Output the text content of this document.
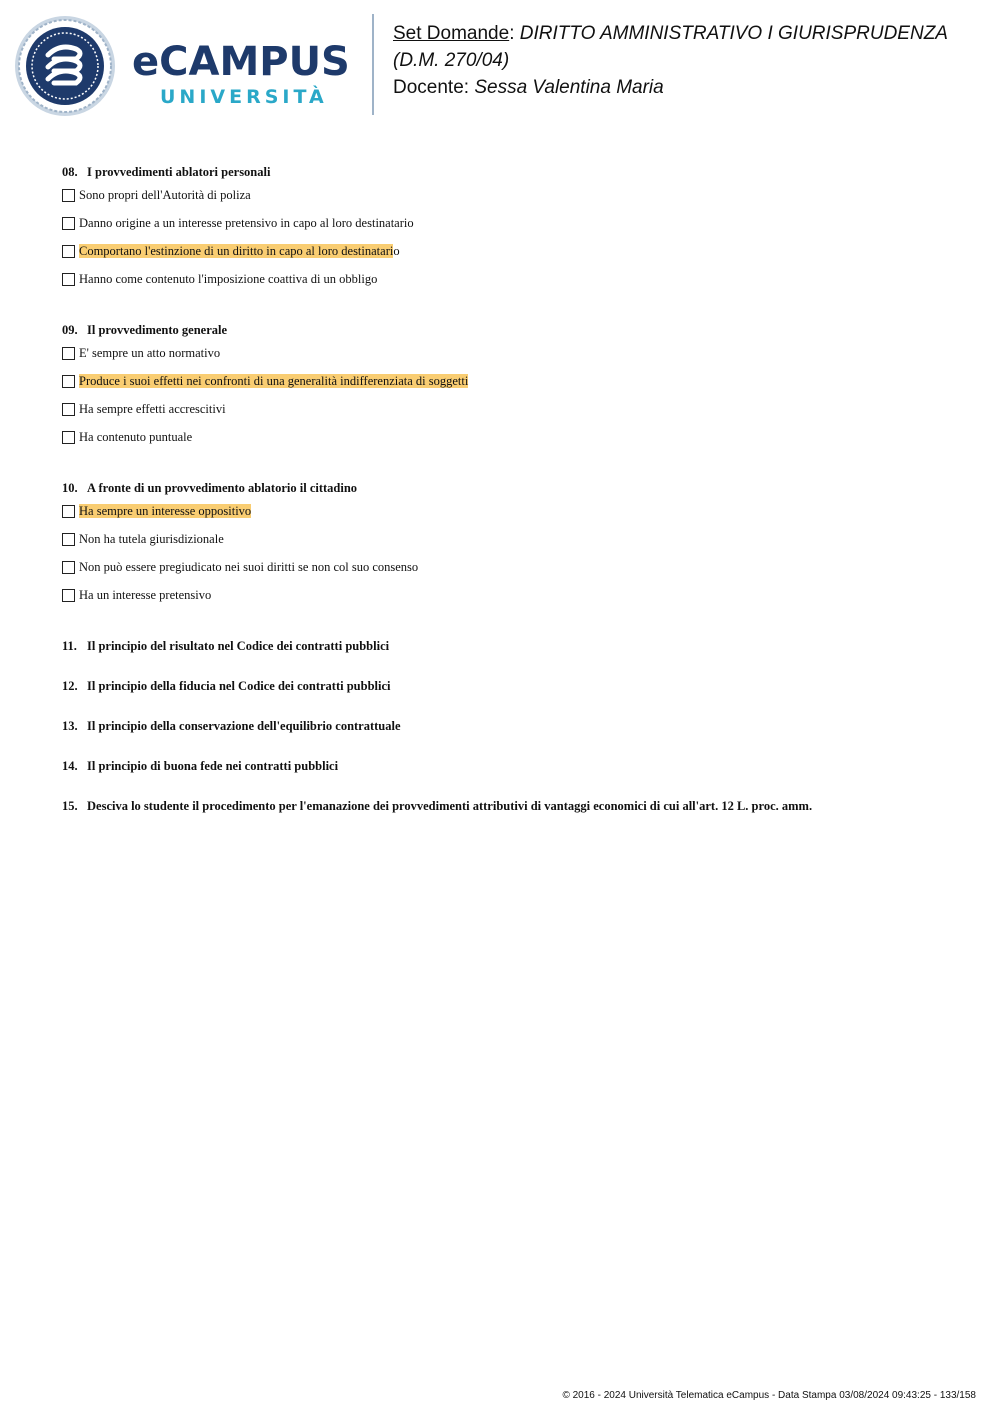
eCAMPUS
UNIVERSITÀ
Set Domande: DIRITTO AMMINISTRATIVO I GIURISPRUDENZA (D.M. 270/04)
Docente: Sessa Valentina Maria
08. I provvedimenti ablatori personali
Sono propri dell'Autorità di poliza
Danno origine a un interesse pretensivo in capo al loro destinatario
Comportano l'estinzione di un diritto in capo al loro destinatario
Hanno come contenuto l'imposizione coattiva di un obbligo
09. Il provvedimento generale
E' sempre un atto normativo
Produce i suoi effetti nei confronti di una generalità indifferenziata di soggetti
Ha sempre effetti accrescitivi
Ha contenuto puntuale
10. A fronte di un provvedimento ablatorio il cittadino
Ha sempre un interesse oppositivo
Non ha tutela giurisdizionale
Non può essere pregiudicato nei suoi diritti se non col suo consenso
Ha un interesse pretensivo
11. Il principio del risultato nel Codice dei contratti pubblici
12. Il principio della fiducia nel Codice dei contratti pubblici
13. Il principio della conservazione dell'equilibrio contrattuale
14. Il principio di buona fede nei contratti pubblici
15. Desciva lo studente il procedimento per l'emanazione dei provvedimenti attributivi di vantaggi economici di cui all'art. 12 L. proc. amm.
© 2016 - 2024 Università Telematica eCampus - Data Stampa 03/08/2024 09:43:25 - 133/158
